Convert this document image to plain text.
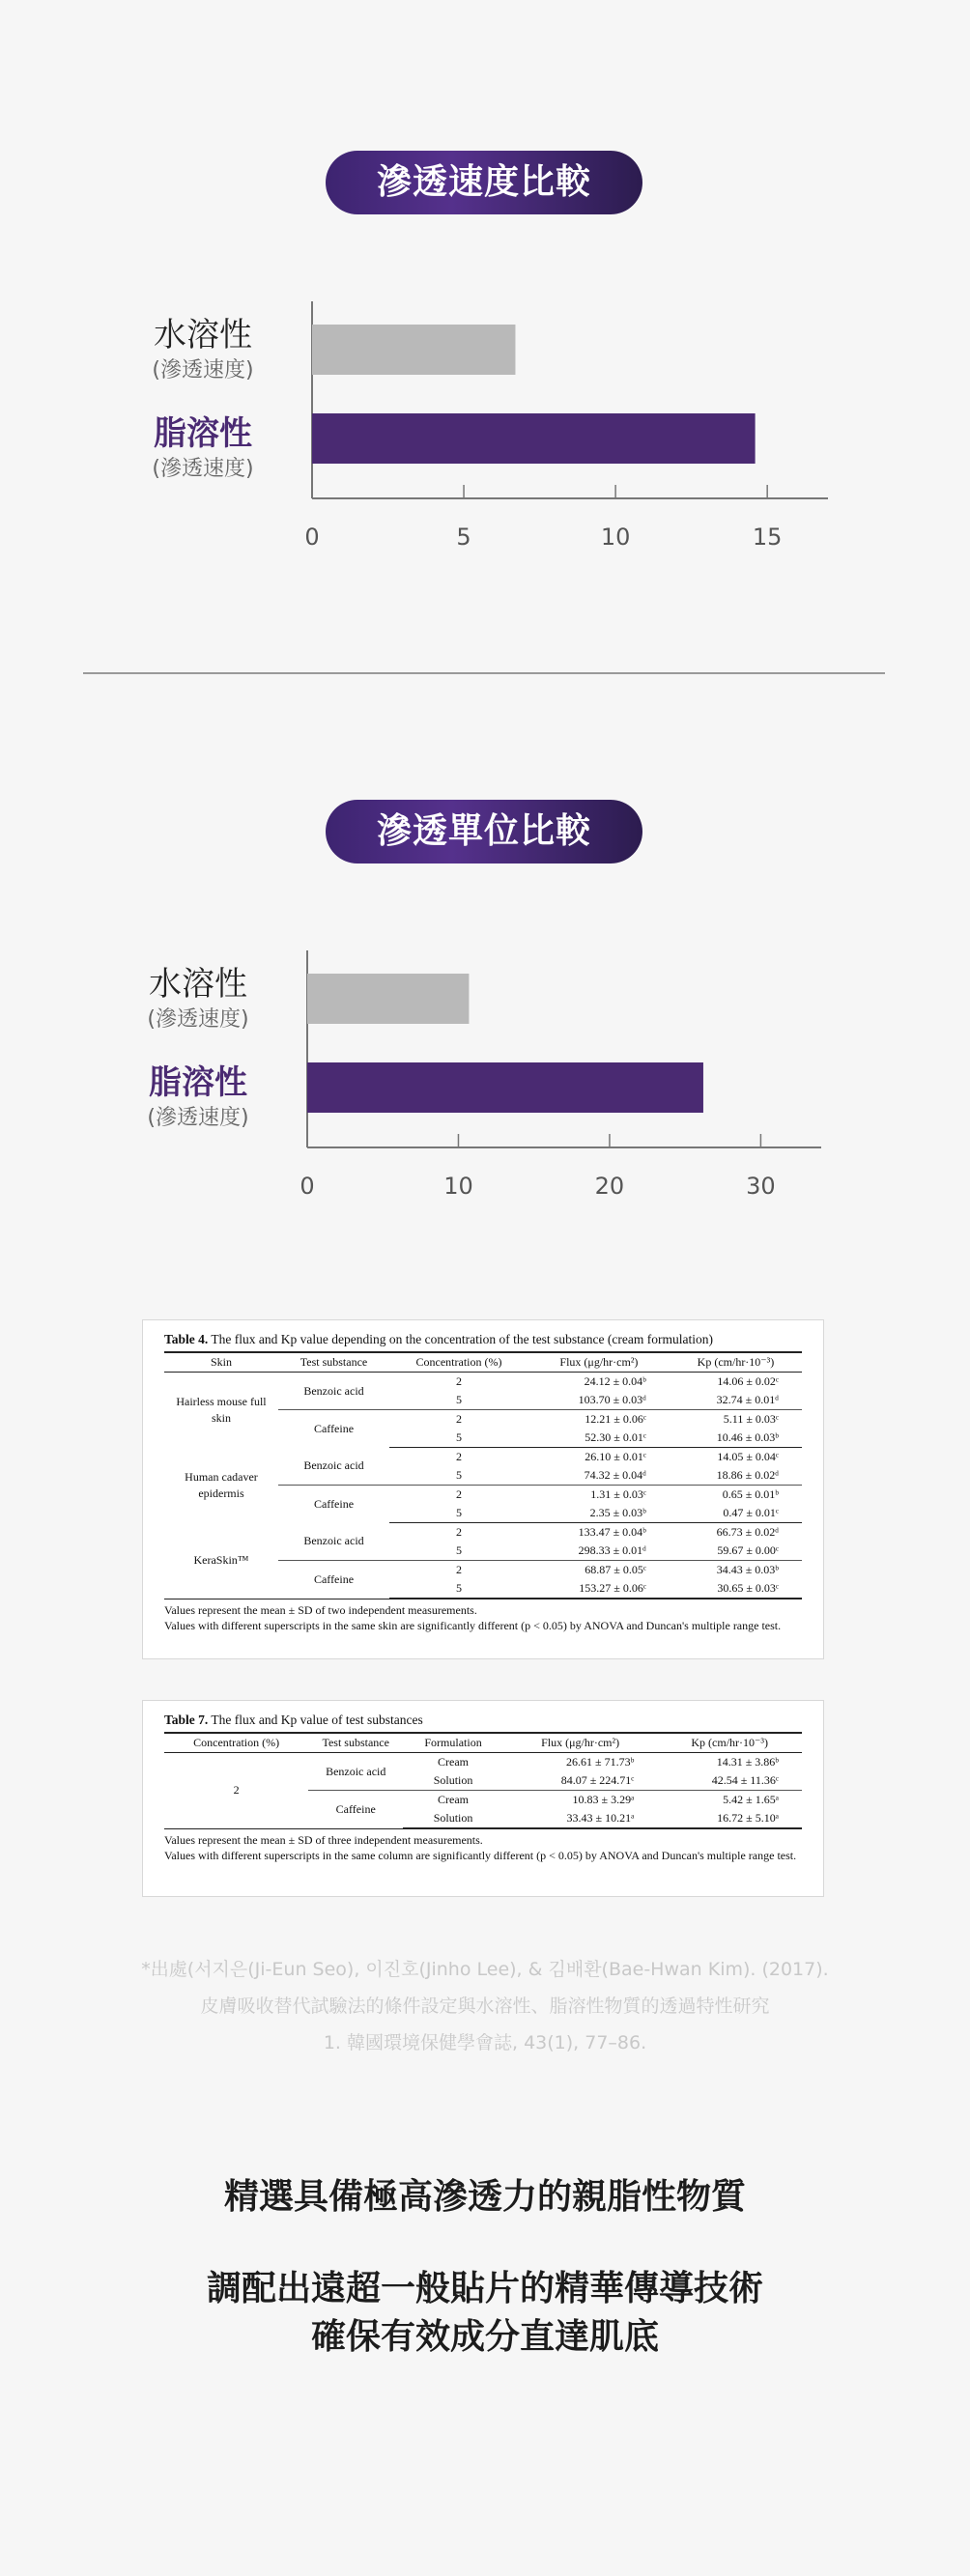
滲透速度比較
水溶性
(滲透速度)
脂溶性
(滲透速度)
0	5	10	15
滲透單位比較
水溶性
(滲透速度)
脂溶性
(滲透速度)
0	10	20	30
Table 4. The flux and Kp value depending on the concentration of the test substance (cream formulation)
Skin	Test substance	Concentration (%)	Flux (μg/hr·cm²)	Kp (cm/hr·10⁻³)
Hairless mouse full skin	Benzoic acid	2	24.12 ± 0.04ᵇ	14.06 ± 0.02ᶜ
		5	103.70 ± 0.03ᵈ	32.74 ± 0.01ᵈ
	Caffeine	2	12.21 ± 0.06ᶜ	5.11 ± 0.03ᶜ
		5	52.30 ± 0.01ᶜ	10.46 ± 0.03ᵇ
Human cadaver epidermis	Benzoic acid	2	26.10 ± 0.01ᶜ	14.05 ± 0.04ᶜ
		5	74.32 ± 0.04ᵈ	18.86 ± 0.02ᵈ
	Caffeine	2	1.31 ± 0.03ᶜ	0.65 ± 0.01ᵇ
		5	2.35 ± 0.03ᵇ	0.47 ± 0.01ᶜ
KeraSkin™	Benzoic acid	2	133.47 ± 0.04ᵇ	66.73 ± 0.02ᵈ
		5	298.33 ± 0.01ᵈ	59.67 ± 0.00ᶜ
	Caffeine	2	68.87 ± 0.05ᶜ	34.43 ± 0.03ᵇ
		5	153.27 ± 0.06ᶜ	30.65 ± 0.03ᶜ
Values represent the mean ± SD of two independent measurements.
Values with different superscripts in the same skin are significantly different (p < 0.05) by ANOVA and Duncan's multiple range test.
Table 7. The flux and Kp value of test substances
Concentration (%)	Test substance	Formulation	Flux (μg/hr·cm²)	Kp (cm/hr·10⁻³)
2	Benzoic acid	Cream	26.61 ± 71.73ᵇ	14.31 ± 3.86ᵇ
		Solution	84.07 ± 224.71ᶜ	42.54 ± 11.36ᶜ
	Caffeine	Cream	10.83 ± 3.29ᵃ	5.42 ± 1.65ᵃ
		Solution	33.43 ± 10.21ᵃ	16.72 ± 5.10ᵃ
Values represent the mean ± SD of three independent measurements.
Values with different superscripts in the same column are significantly different (p < 0.05) by ANOVA and Duncan's multiple range test.
*出處(서지은(Ji-Eun Seo), 이진호(Jinho Lee), & 김배환(Bae-Hwan Kim). (2017).
皮膚吸收替代試驗法的條件設定與水溶性、脂溶性物質的透過特性研究
1. 韓國環境保健學會誌, 43(1), 77–86.
精選具備極高滲透力的親脂性物質
調配出遠超一般貼片的精華傳導技術
確保有效成分直達肌底
